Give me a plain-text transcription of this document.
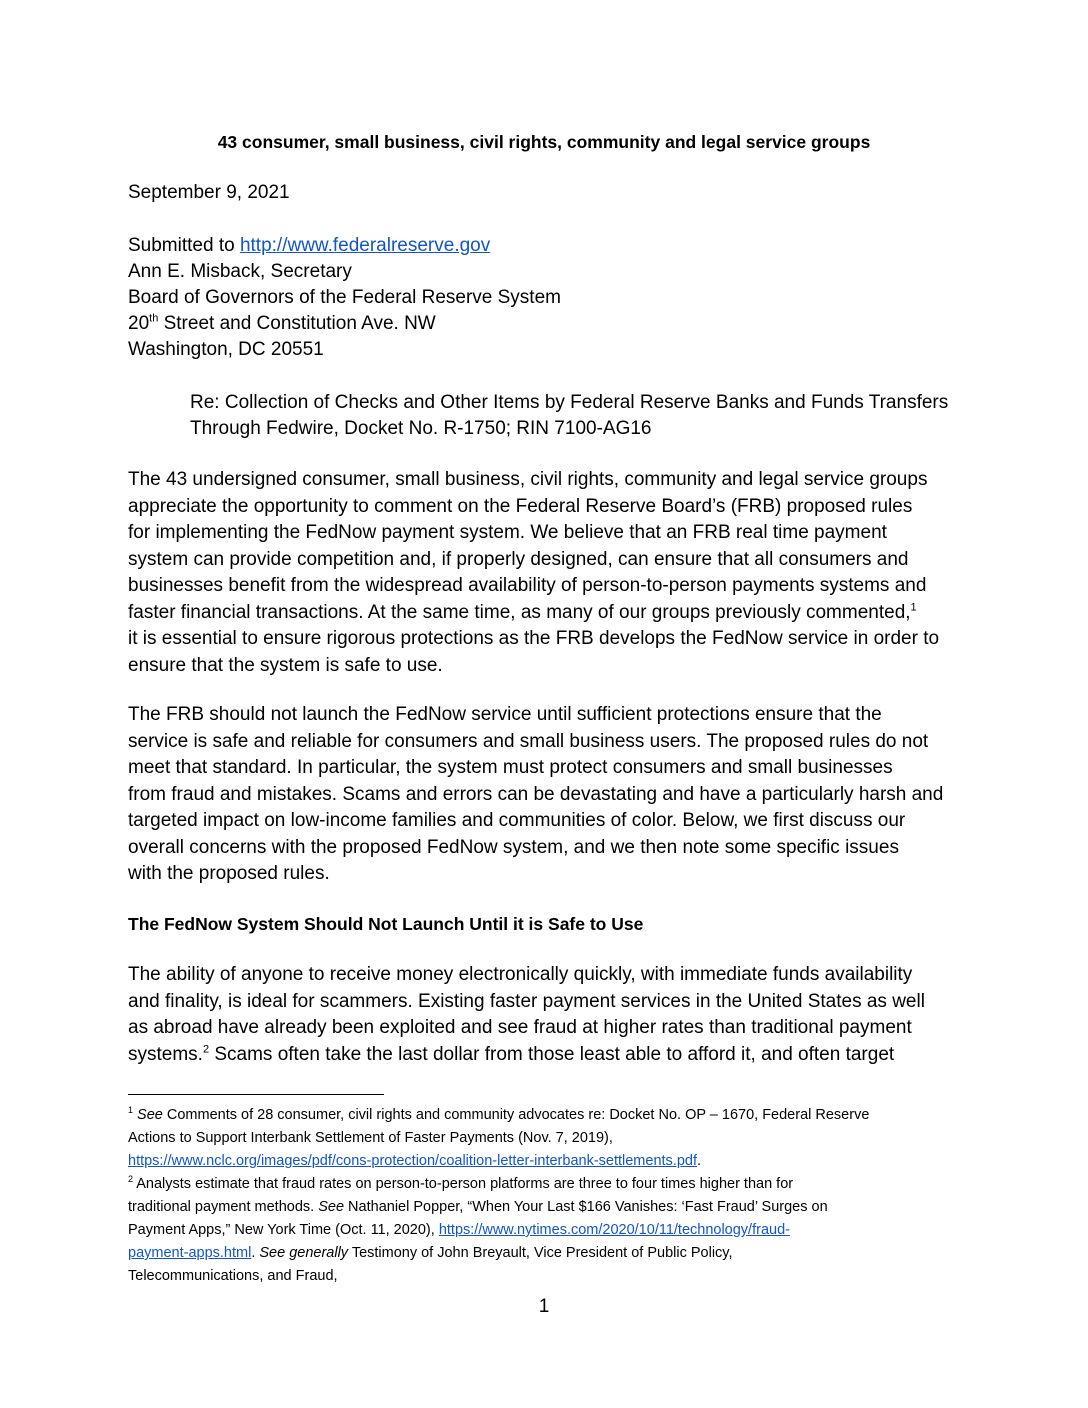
43 consumer, small business, civil rights, community and legal service groups
September 9, 2021
Submitted to http://www.federalreserve.gov
Ann E. Misback, Secretary
Board of Governors of the Federal Reserve System
20th Street and Constitution Ave. NW
Washington, DC 20551
Re: Collection of Checks and Other Items by Federal Reserve Banks and Funds Transfers
Through Fedwire, Docket No. R-1750; RIN 7100-AG16
The 43 undersigned consumer, small business, civil rights, community and legal service groups
appreciate the opportunity to comment on the Federal Reserve Board’s (FRB) proposed rules
for implementing the FedNow payment system. We believe that an FRB real time payment
system can provide competition and, if properly designed, can ensure that all consumers and
businesses benefit from the widespread availability of person-to-person payments systems and
faster financial transactions. At the same time, as many of our groups previously commented,$^1$
it is essential to ensure rigorous protections as the FRB develops the FedNow service in order to
ensure that the system is safe to use.
The FRB should not launch the FedNow service until sufficient protections ensure that the
service is safe and reliable for consumers and small business users. The proposed rules do not
meet that standard. In particular, the system must protect consumers and small businesses
from fraud and mistakes. Scams and errors can be devastating and have a particularly harsh and
targeted impact on low-income families and communities of color. Below, we first discuss our
overall concerns with the proposed FedNow system, and we then note some specific issues
with the proposed rules.
The FedNow System Should Not Launch Until it is Safe to Use
The ability of anyone to receive money electronically quickly, with immediate funds availability
and finality, is ideal for scammers. Existing faster payment services in the United States as well
as abroad have already been exploited and see fraud at higher rates than traditional payment
systems.$^2$ Scams often take the last dollar from those least able to afford it, and often target
$^1$ See Comments of 28 consumer, civil rights and community advocates re: Docket No. OP – 1670, Federal Reserve
Actions to Support Interbank Settlement of Faster Payments (Nov. 7, 2019),
https://www.nclc.org/images/pdf/cons-protection/coalition-letter-interbank-settlements.pdf.
$^2$ Analysts estimate that fraud rates on person-to-person platforms are three to four times higher than for
traditional payment methods. See Nathaniel Popper, “When Your Last $166 Vanishes: ‘Fast Fraud’ Surges on
Payment Apps,” New York Time (Oct. 11, 2020), https://www.nytimes.com/2020/10/11/technology/fraud-
payment-apps.html. See generally Testimony of John Breyault, Vice President of Public Policy,
Telecommunications, and Fraud,
1
